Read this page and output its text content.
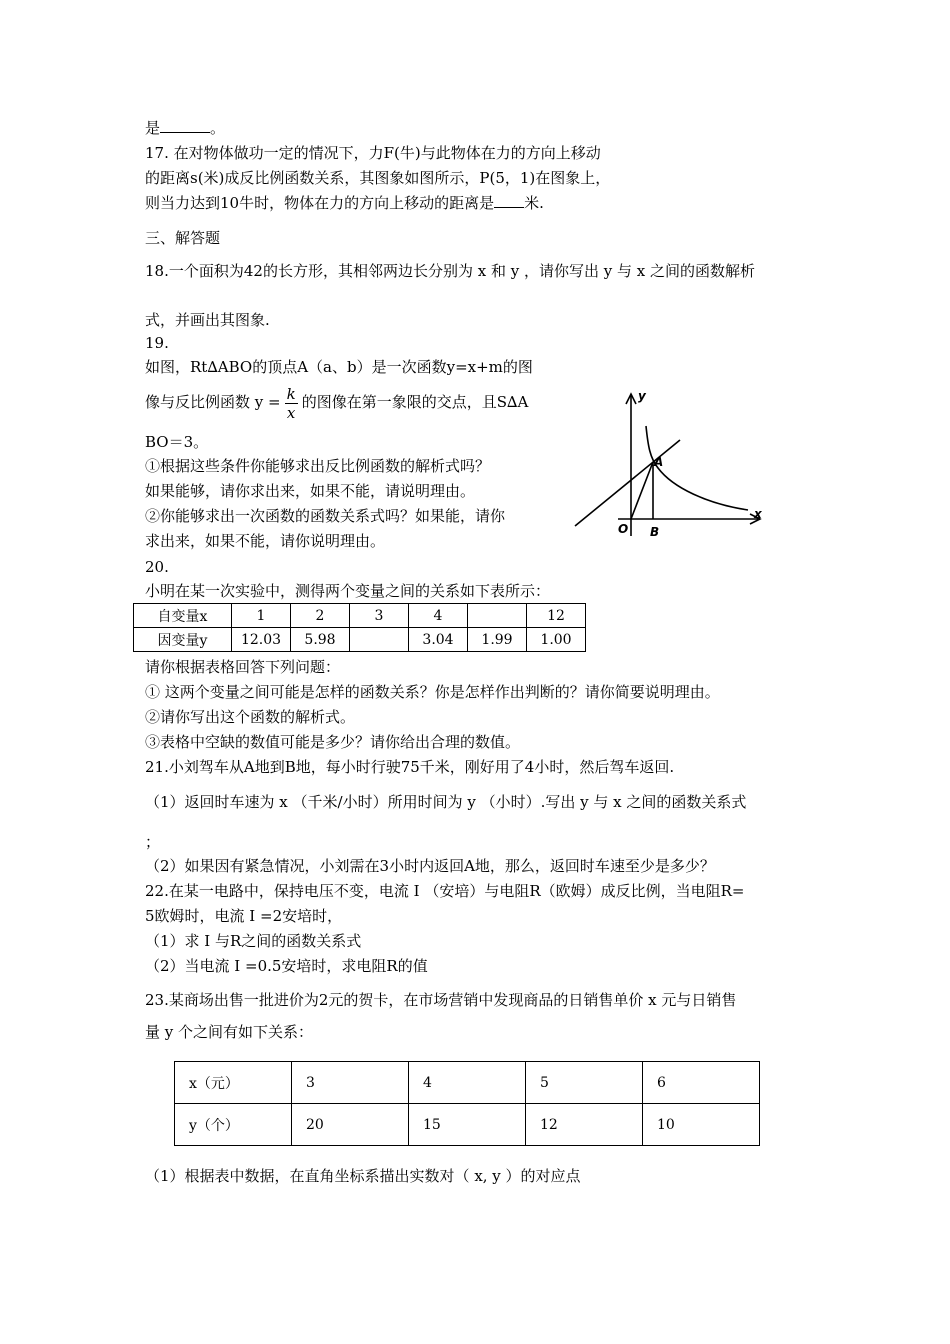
是	。
17. 在对物体做功一定的情况下，力F(牛)与此物体在力的方向上移动
的距离s(米)成反比例函数关系，其图象如图所示，P(5，1)在图象上，
则当力达到10牛时，物体在力的方向上移动的距离是 米.
三、解答题
18.一个面积为42的长方形，其相邻两边长分别为 x 和 y ，请你写出 y 与 x 之间的函数解析
式，并画出其图象.
19.
如图，Rt∆ABO的顶点A（a、b）是一次函数y=x+m的图
像与反比例函数 $y = \frac{k}{x}$ 的图像在第一象限的交点，且S∆A
BO＝3。
①根据这些条件你能够求出反比例函数的解析式吗？
如果能够，请你求出来，如果不能，请说明理由。
②你能够求出一次函数的函数关系式吗？如果能，请你
求出来，如果不能，请你说明理由。
y
x
O
A
B
20.
小明在某一次实验中，测得两个变量之间的关系如下表所示：
自变量x	1	2	3	4		12
因变量y	12.03	5.98		3.04	1.99	1.00
请你根据表格回答下列问题：
① 这两个变量之间可能是怎样的函数关系？你是怎样作出判断的？请你简要说明理由。
②请你写出这个函数的解析式。
③表格中空缺的数值可能是多少？请你给出合理的数值。
21.小刘驾车从A地到B地，每小时行驶75千米，刚好用了4小时，然后驾车返回.
（1）返回时车速为 x （千米/小时）所用时间为 y （小时）.写出 y 与 x 之间的函数关系式
；
（2）如果因有紧急情况，小刘需在3小时内返回A地，那么，返回时车速至少是多少？
22.在某一电路中，保持电压不变，电流 I （安培）与电阻R（欧姆）成反比例，当电阻R=
5欧姆时，电流 I =2安培时，
（1）求 I 与R之间的函数关系式
（2）当电流 I =0.5安培时，求电阻R的值
23.某商场出售一批进价为2元的贺卡，在市场营销中发现商品的日销售单价 x 元与日销售
量 y 个之间有如下关系：
x（元）	3	4	5	6
y（个）	20	15	12	10
（1）根据表中数据，在直角坐标系描出实数对（ x, y ）的对应点
